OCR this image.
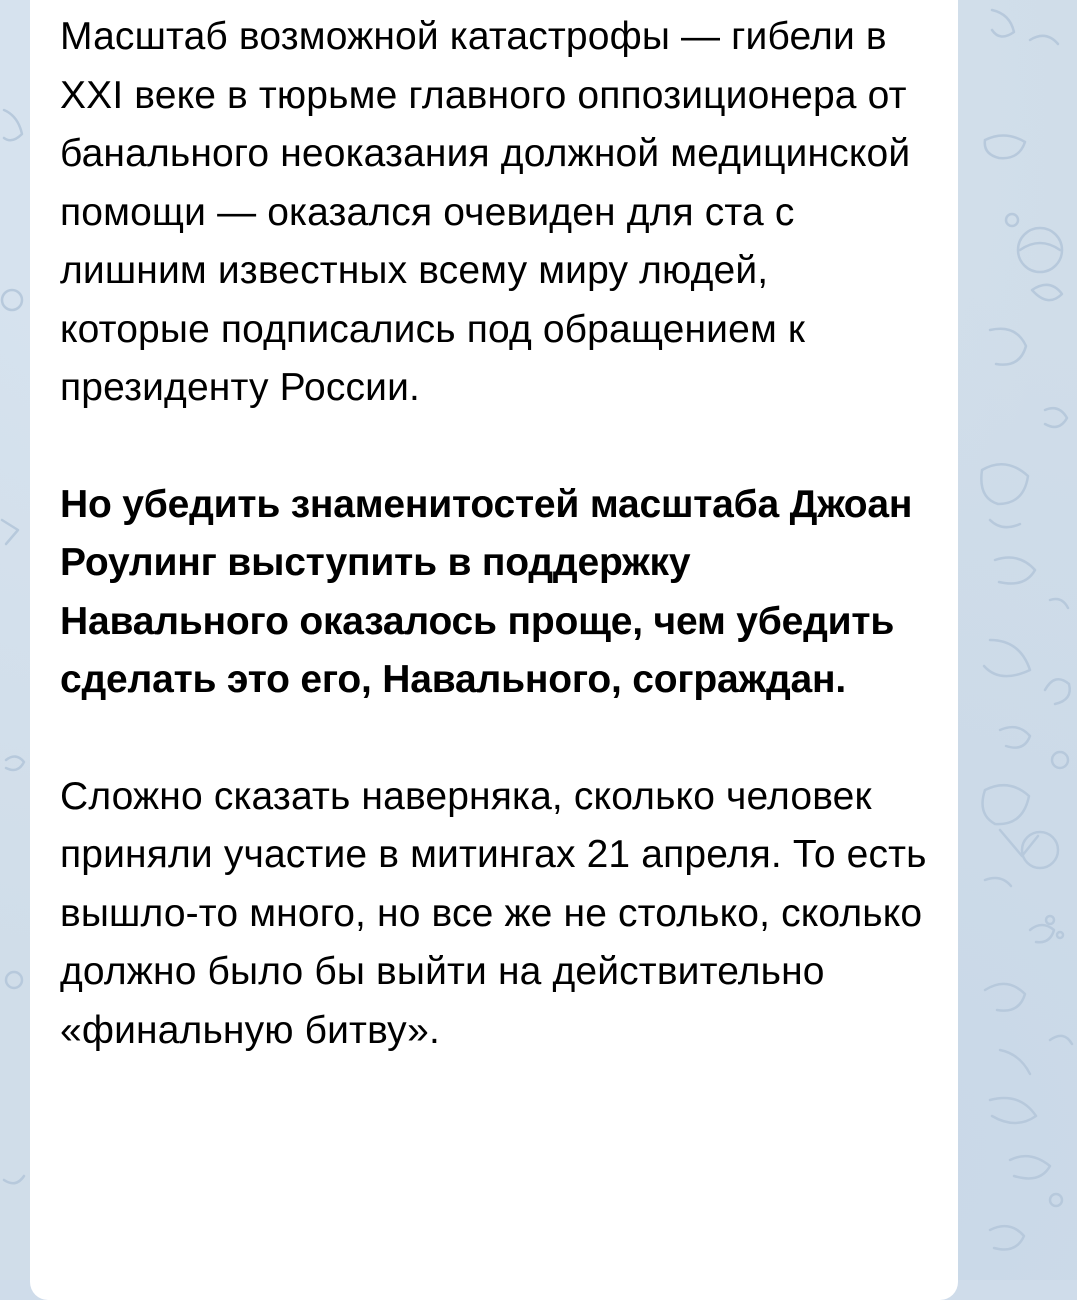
Масштаб возможной катастрофы — гибели в XXI веке в тюрьме главного оппозиционера от банального неоказания должной медицинской помощи — оказался очевиден для ста с лишним известных всему миру людей, которые подписались под обращением к президенту России.

Но убедить знаменитостей масштаба Джоан Роулинг выступить в поддержку Навального оказалось проще, чем убедить сделать это его, Навального, сограждан.

Сложно сказать наверняка, сколько человек приняли участие в митингах 21 апреля. То есть вышло-то много, но все же не столько, сколько должно было бы выйти на действительно «финальную битву».
